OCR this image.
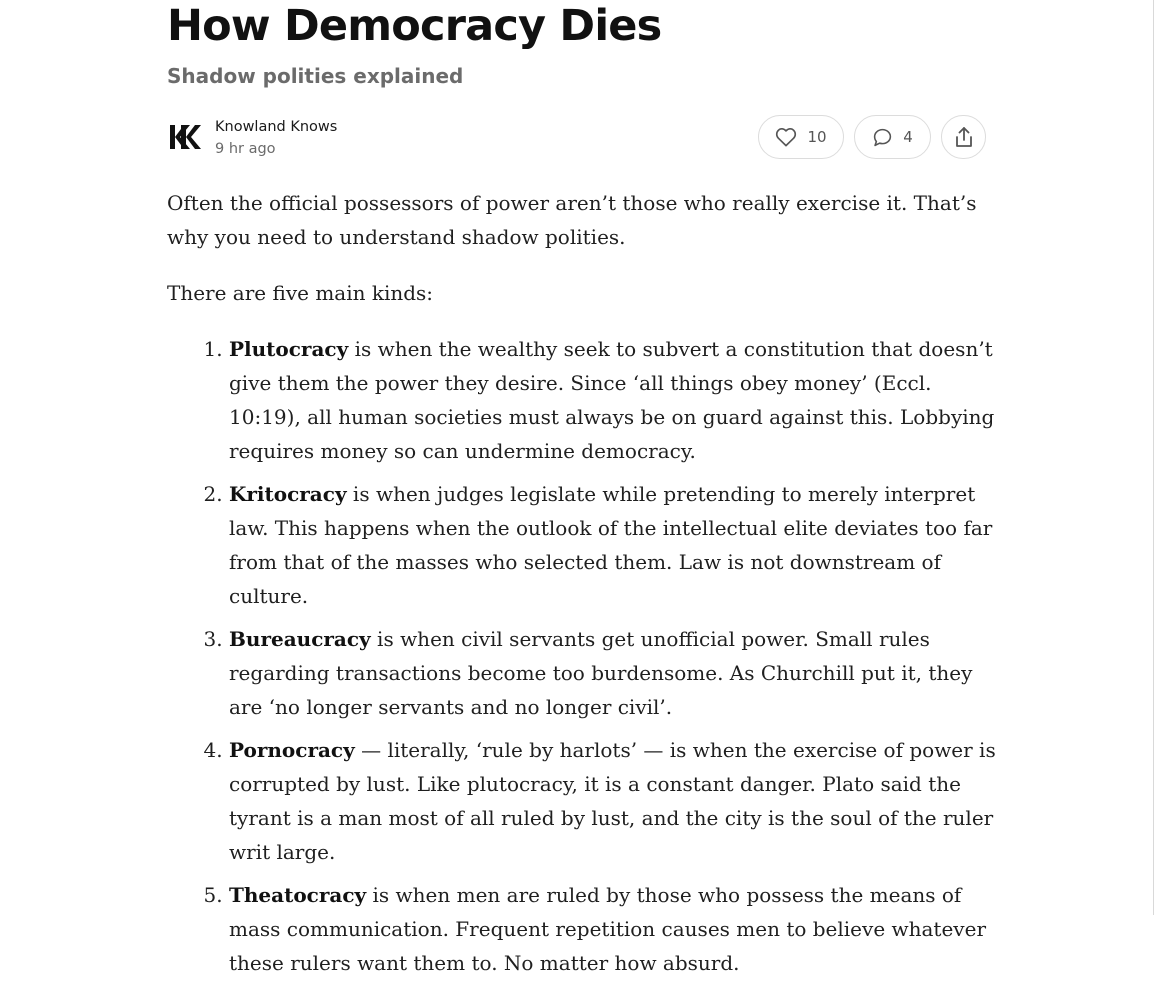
How Democracy Dies
Shadow polities explained
Knowland Knows
9 hr ago
10	4

Often the official possessors of power aren’t those who really exercise it. That’s why you need to understand shadow polities.

There are five main kinds:

1. Plutocracy is when the wealthy seek to subvert a constitution that doesn’t give them the power they desire. Since ‘all things obey money’ (Eccl. 10:19), all human societies must always be on guard against this. Lobbying requires money so can undermine democracy.
2. Kritocracy is when judges legislate while pretending to merely interpret law. This happens when the outlook of the intellectual elite deviates too far from that of the masses who selected them. Law is not downstream of culture.
3. Bureaucracy is when civil servants get unofficial power. Small rules regarding transactions become too burdensome. As Churchill put it, they are ‘no longer servants and no longer civil’.
4. Pornocracy — literally, ‘rule by harlots’ — is when the exercise of power is corrupted by lust. Like plutocracy, it is a constant danger. Plato said the tyrant is a man most of all ruled by lust, and the city is the soul of the ruler writ large.
5. Theatocracy is when men are ruled by those who possess the means of mass communication. Frequent repetition causes men to believe whatever these rulers want them to. No matter how absurd.
